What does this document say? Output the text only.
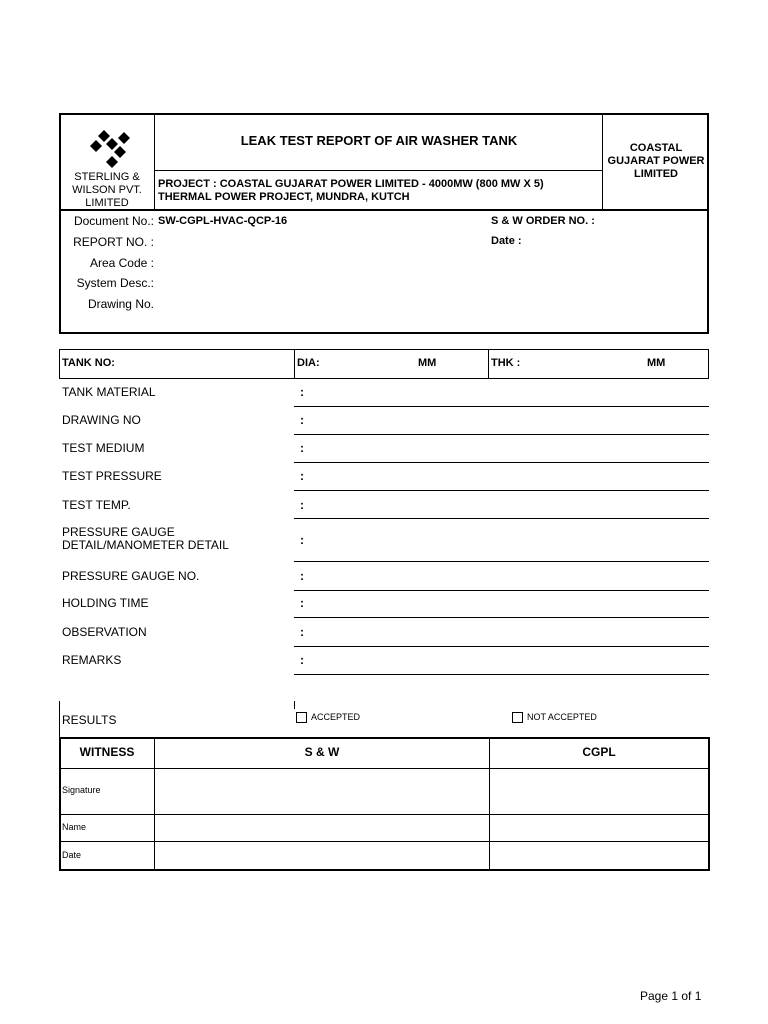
STERLING & WILSON PVT. LIMITED
LEAK TEST REPORT OF AIR WASHER TANK
PROJECT : COASTAL GUJARAT POWER LIMITED - 4000MW (800 MW X 5)
THERMAL POWER PROJECT, MUNDRA, KUTCH
COASTAL GUJARAT POWER LIMITED
Document No.: SW-CGPL-HVAC-QCP-16
REPORT NO. :
Area Code :
System Desc.:
Drawing No.
S & W ORDER NO. :
Date :
TANK NO:	DIA:	MM	THK :	MM
TANK MATERIAL	:
DRAWING NO	:
TEST MEDIUM	:
TEST PRESSURE	:
TEST TEMP.	:
PRESSURE GAUGE DETAIL/MANOMETER DETAIL	:
PRESSURE GAUGE NO.	:
HOLDING TIME	:
OBSERVATION	:
REMARKS	:
RESULTS	ACCEPTED	NOT ACCEPTED
WITNESS	S & W	CGPL
Signature
Name
Date
Page 1 of 1
